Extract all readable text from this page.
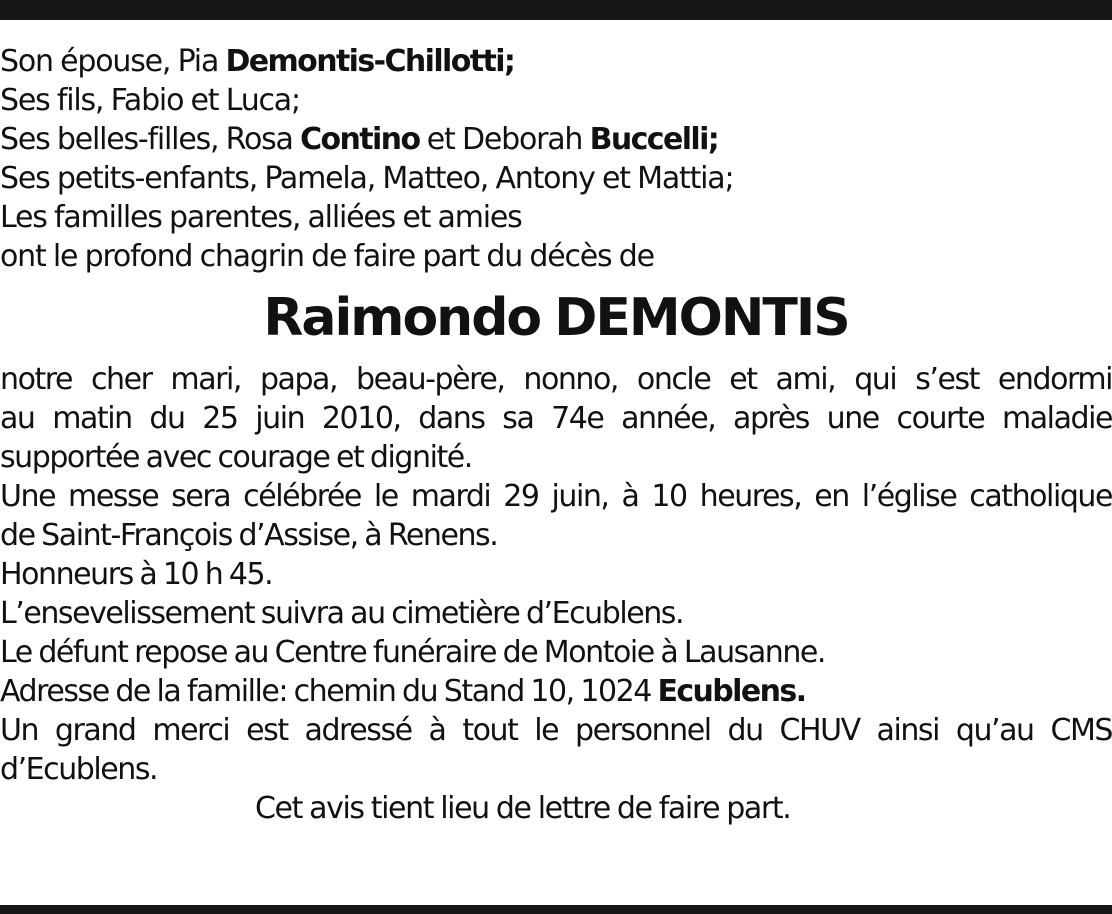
Son épouse, Pia Demontis-Chillotti;
Ses fils, Fabio et Luca;
Ses belles-filles, Rosa Contino et Deborah Buccelli;
Ses petits-enfants, Pamela, Matteo, Antony et Mattia;
Les familles parentes, alliées et amies
ont le profond chagrin de faire part du décès de
Raimondo DEMONTIS
notre cher mari, papa, beau-père, nonno, oncle et ami, qui s’est endormi
au matin du 25 juin 2010, dans sa 74e année, après une courte maladie
supportée avec courage et dignité.
Une messe sera célébrée le mardi 29 juin, à 10 heures, en l’église catholique
de Saint-François d’Assise, à Renens.
Honneurs à 10 h 45.
L’ensevelissement suivra au cimetière d’Ecublens.
Le défunt repose au Centre funéraire de Montoie à Lausanne.
Adresse de la famille: chemin du Stand 10, 1024 Ecublens.
Un grand merci est adressé à tout le personnel du CHUV ainsi qu’au CMS
d’Ecublens.
Cet avis tient lieu de lettre de faire part.
